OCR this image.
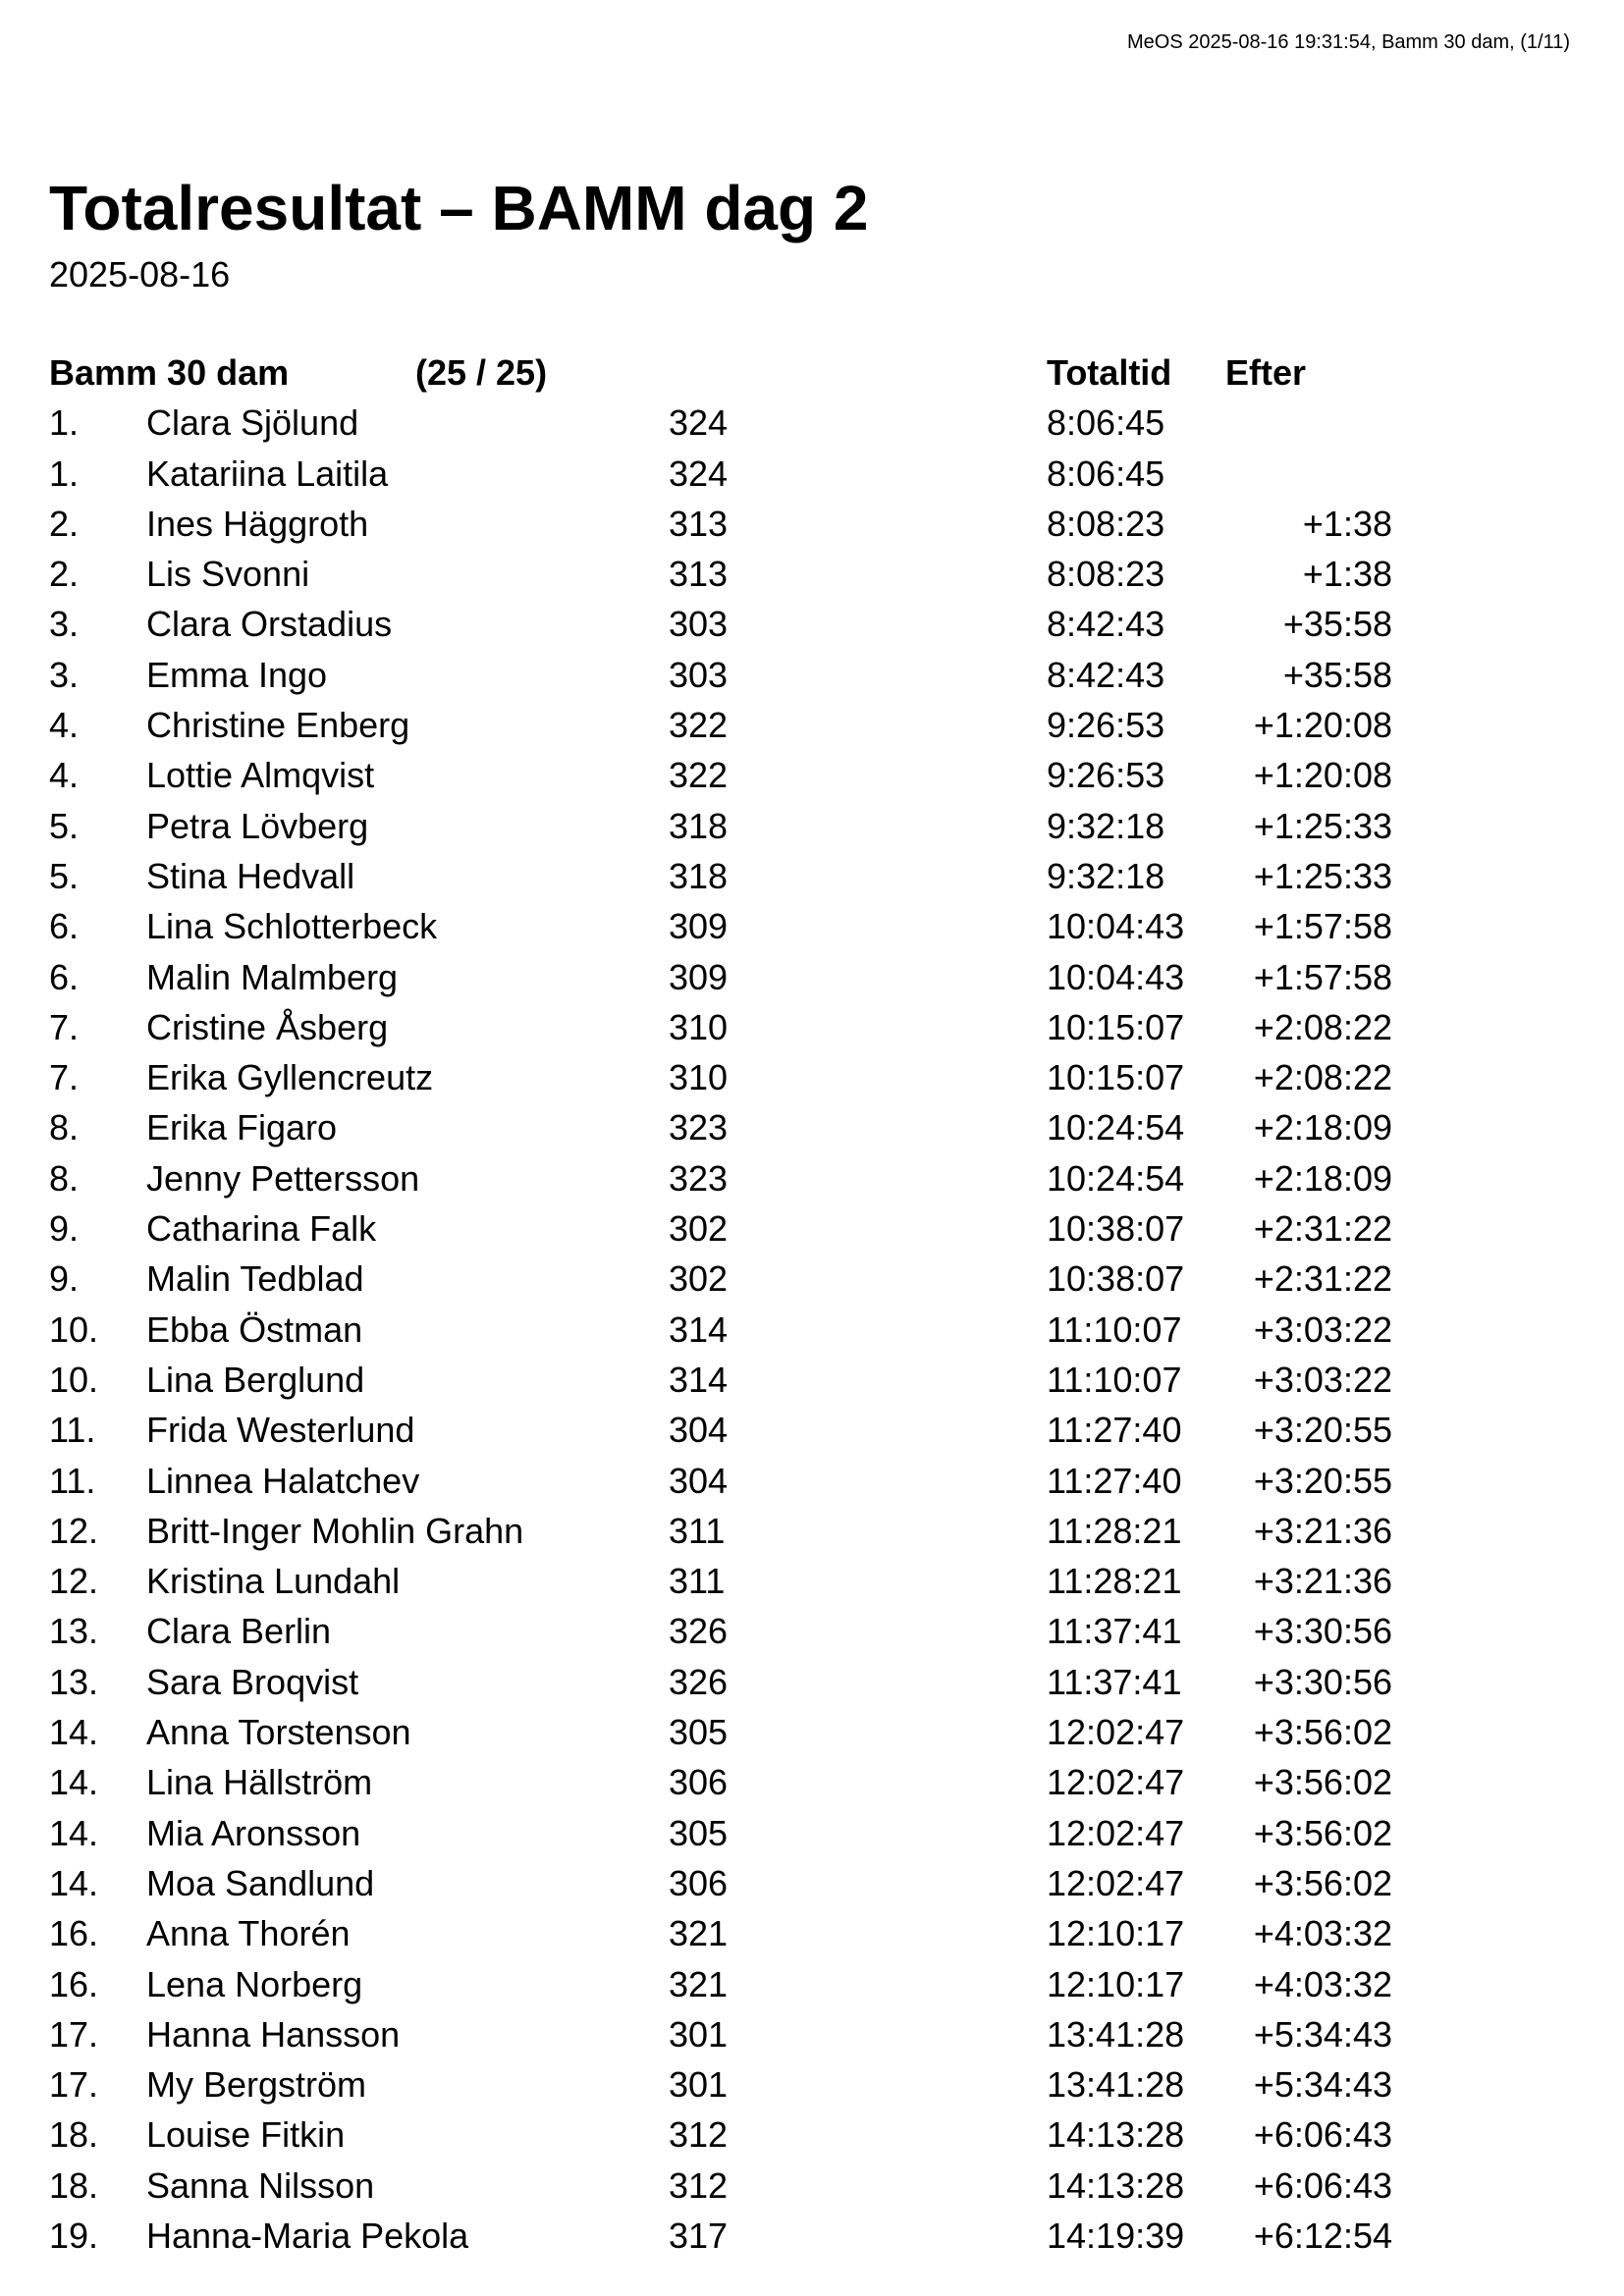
MeOS 2025-08-16 19:31:54, Bamm 30 dam, (1/11)
Totalresultat – BAMM dag 2
2025-08-16
Bamm 30 dam	(25 / 25)	Totaltid Efter
1. Clara Sjölund	324	8:06:45
1. Katariina Laitila	324	8:06:45
2. Ines Häggroth	313	8:08:23	+1:38
2. Lis Svonni	313	8:08:23	+1:38
3. Clara Orstadius	303	8:42:43	+35:58
3. Emma Ingo	303	8:42:43	+35:58
4. Christine Enberg	322	9:26:53	+1:20:08
4. Lottie Almqvist	322	9:26:53	+1:20:08
5. Petra Lövberg	318	9:32:18	+1:25:33
5. Stina Hedvall	318	9:32:18	+1:25:33
6. Lina Schlotterbeck	309	10:04:43	+1:57:58
6. Malin Malmberg	309	10:04:43	+1:57:58
7. Cristine Åsberg	310	10:15:07	+2:08:22
7. Erika Gyllencreutz	310	10:15:07	+2:08:22
8. Erika Figaro	323	10:24:54	+2:18:09
8. Jenny Pettersson	323	10:24:54	+2:18:09
9. Catharina Falk	302	10:38:07	+2:31:22
9. Malin Tedblad	302	10:38:07	+2:31:22
10. Ebba Östman	314	11:10:07	+3:03:22
10. Lina Berglund	314	11:10:07	+3:03:22
11. Frida Westerlund	304	11:27:40	+3:20:55
11. Linnea Halatchev	304	11:27:40	+3:20:55
12. Britt-Inger Mohlin Grahn	311	11:28:21	+3:21:36
12. Kristina Lundahl	311	11:28:21	+3:21:36
13. Clara Berlin	326	11:37:41	+3:30:56
13. Sara Broqvist	326	11:37:41	+3:30:56
14. Anna Torstenson	305	12:02:47	+3:56:02
14. Lina Hällström	306	12:02:47	+3:56:02
14. Mia Aronsson	305	12:02:47	+3:56:02
14. Moa Sandlund	306	12:02:47	+3:56:02
16. Anna Thorén	321	12:10:17	+4:03:32
16. Lena Norberg	321	12:10:17	+4:03:32
17. Hanna Hansson	301	13:41:28	+5:34:43
17. My Bergström	301	13:41:28	+5:34:43
18. Louise Fitkin	312	14:13:28	+6:06:43
18. Sanna Nilsson	312	14:13:28	+6:06:43
19. Hanna-Maria Pekola	317	14:19:39	+6:12:54
